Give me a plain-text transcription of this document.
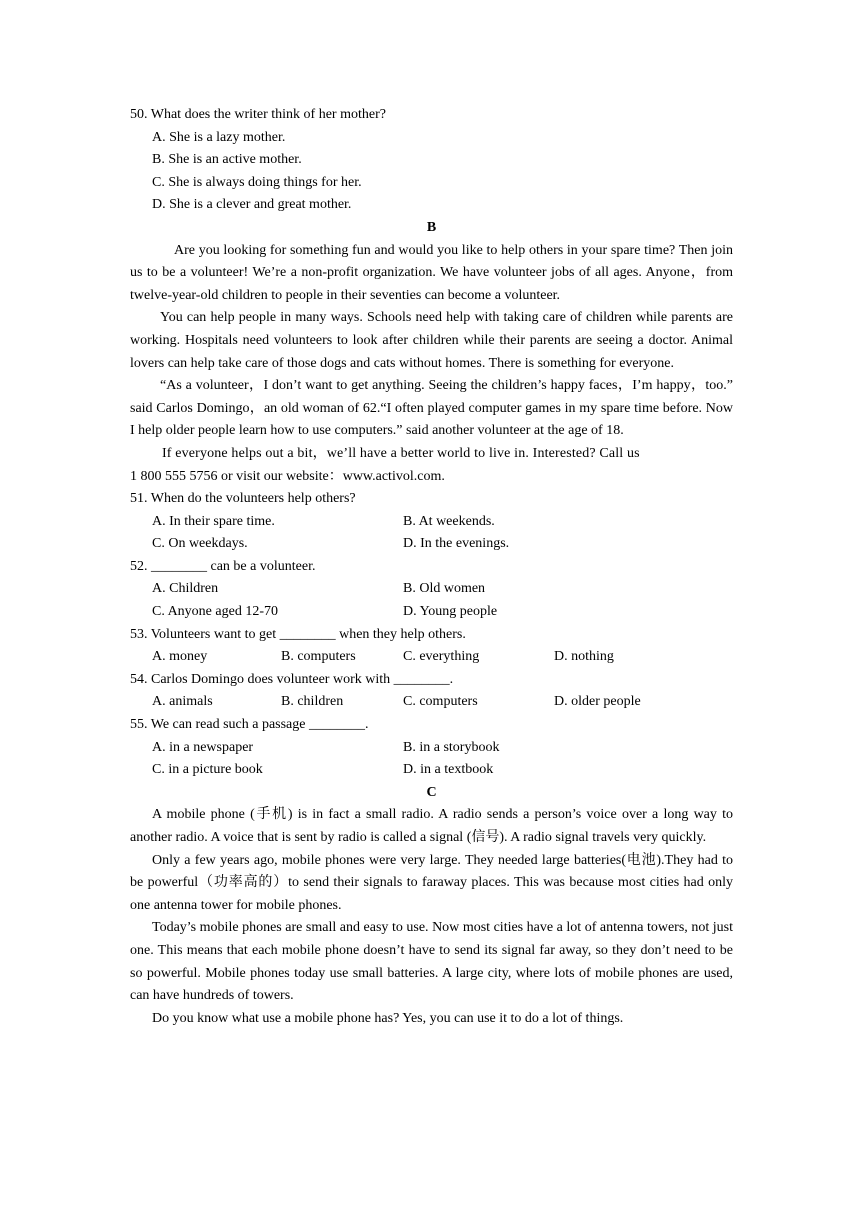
50. What does the writer think of her mother?
A. She is a lazy mother.
B. She is an active mother.
C. She is always doing things for her.
D. She is a clever and great mother.
B

Are you looking for something fun and would you like to help others in your spare time? Then join us to be a volunteer! We’re a non-profit organization. We have volunteer jobs of all ages. Anyone，from twelve-year-old children to people in their seventies can become a volunteer.

You can help people in many ways. Schools need help with taking care of children while parents are working. Hospitals need volunteers to look after children while their parents are seeing a doctor. Animal lovers can help take care of those dogs and cats without homes. There is something for everyone.

“As a volunteer，I don’t want to get anything. Seeing the children’s happy faces，I’m happy，too.” said Carlos Domingo，an old woman of 62.“I often played computer games in my spare time before. Now I help older people learn how to use computers.” said another volunteer at the age of 18.

If everyone helps out a bit，we’ll have a better world to live in. Interested? Call us
1 800 555 5756 or visit our website：www.activol.com.
51. When do the volunteers help others?
A. In their spare time.	B. At weekends.
C. On weekdays.	D. In the evenings.
52. ________ can be a volunteer.
A. Children	B. Old women
C. Anyone aged 12-70	D. Young people
53. Volunteers want to get ________ when they help others.
A. money	B. computers	C. everything	D. nothing
54. Carlos Domingo does volunteer work with ________.
A. animals	B. children	C. computers	D. older people
55. We can read such a passage ________.
A. in a newspaper	B. in a storybook
C. in a picture book	D. in a textbook
C

A mobile phone (手机) is in fact a small radio. A radio sends a person’s voice over a long way to another radio. A voice that is sent by radio is called a signal (信号). A radio signal travels very quickly.

Only a few years ago, mobile phones were very large. They needed large batteries(电池).They had to be powerful（功率高的）to send their signals to faraway places. This was because most cities had only one antenna tower for mobile phones.

Today’s mobile phones are small and easy to use. Now most cities have a lot of antenna towers, not just one. This means that each mobile phone doesn’t have to send its signal far away, so they don’t need to be so powerful. Mobile phones today use small batteries. A large city, where lots of mobile phones are used, can have hundreds of towers.

Do you know what use a mobile phone has? Yes, you can use it to do a lot of things.
